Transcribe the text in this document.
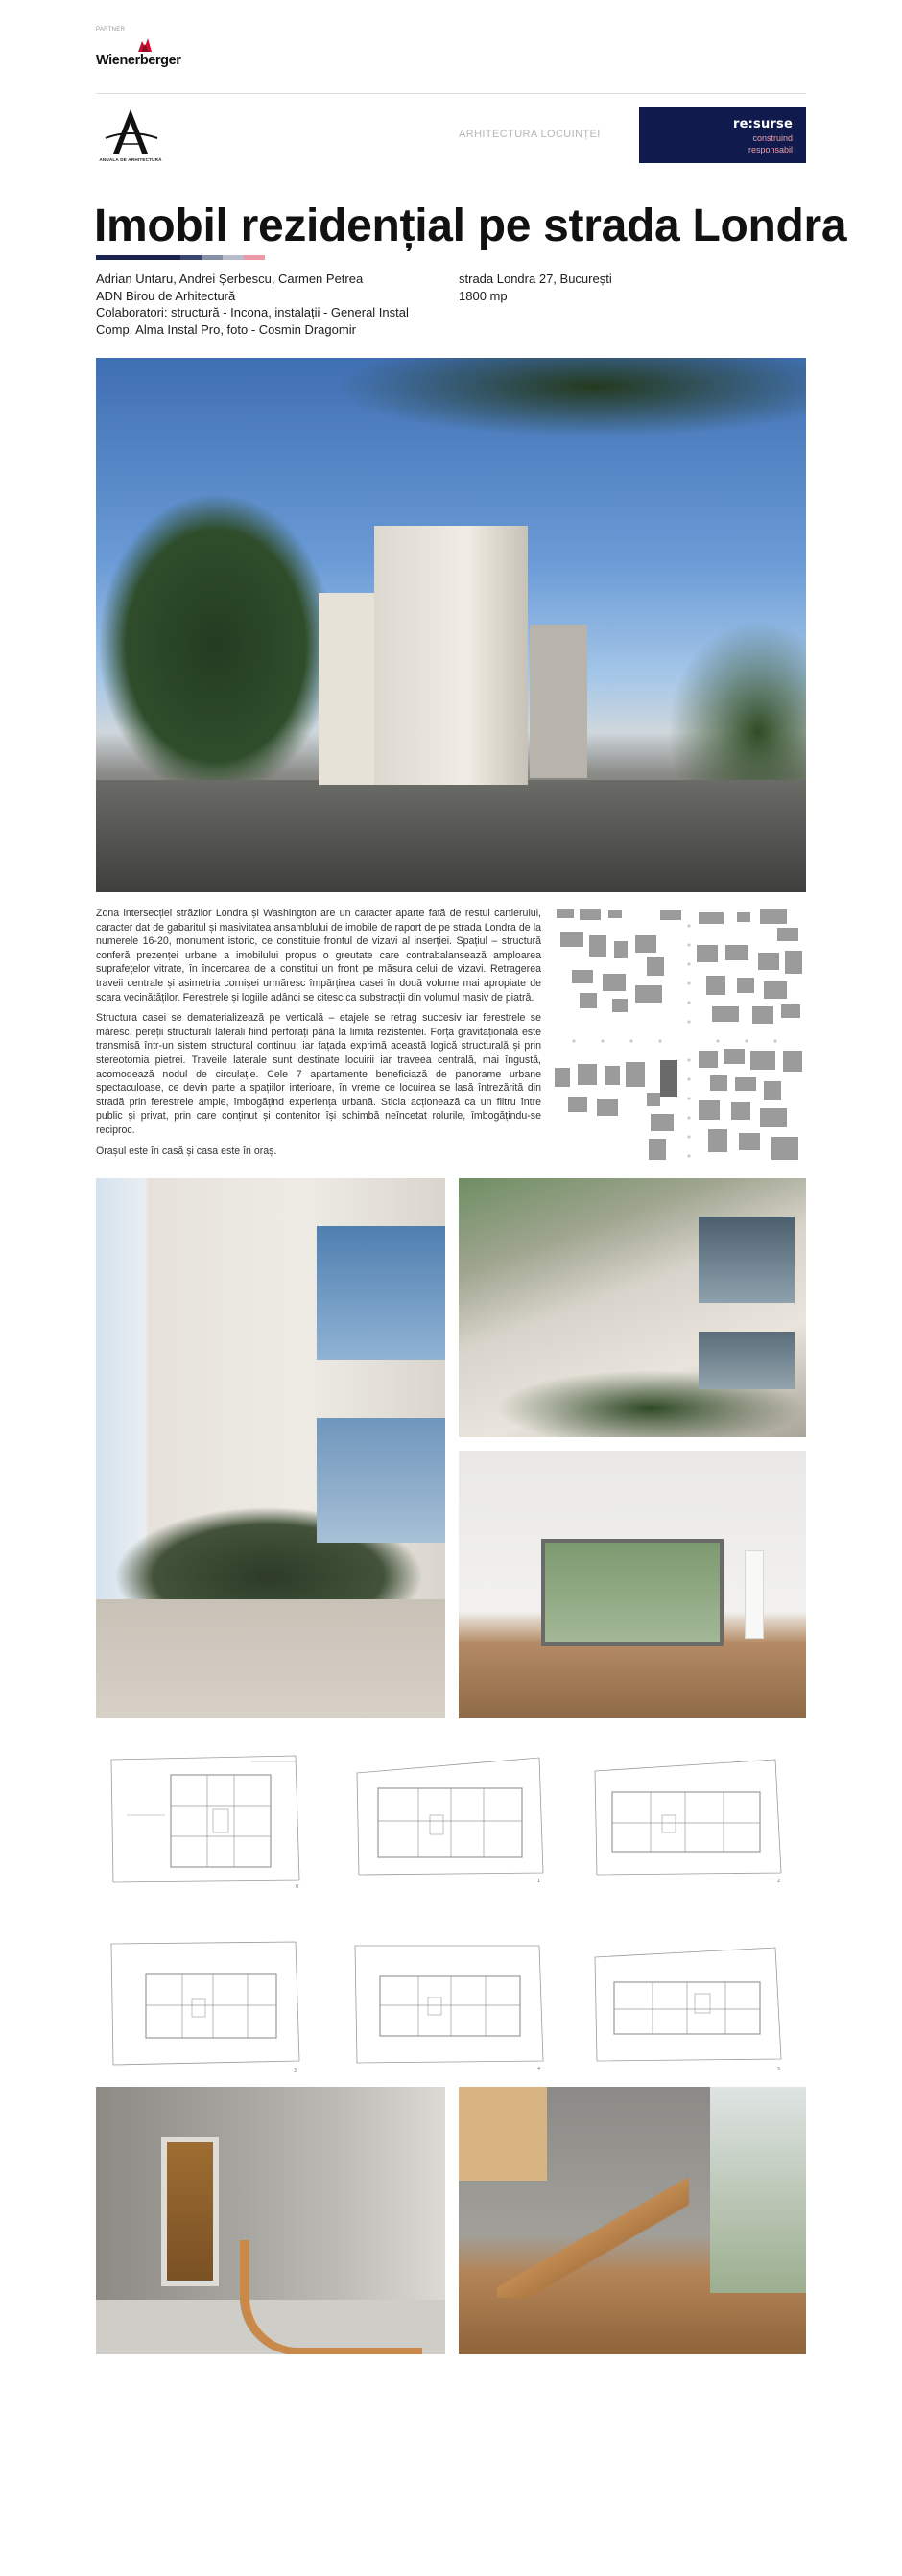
PARTNER
Wienerberger
ANUALA DE ARHITECTURĂ
ARHITECTURA LOCUINȚEI
re:surse
construind
responsabil
Imobil rezidențial pe strada Londra
Adrian Untaru, Andrei Șerbescu, Carmen Petrea
ADN Birou de Arhitectură
Colaboratori: structură - Incona, instalații - General Instal Comp, Alma Instal Pro, foto - Cosmin Dragomir
strada Londra 27, București
1800 mp

Zona intersecției străzilor Londra și Washington are un caracter aparte față de restul cartierului, caracter dat de gabaritul și masivitatea ansamblului de imobile de raport de pe strada Londra de la numerele 16-20, monument istoric, ce constituie frontul de vizavi al inserției. Spațiul – structură conferă prezenței urbane a imobilului propus o greutate care contrabalansează amploarea suprafețelor vitrate, în încercarea de a constitui un front pe măsura celui de vizavi. Retragerea traveii centrale și asimetria cornișei urmăresc împărțirea casei în două volume mai apropiate de scara vecinătăților. Ferestrele și logiile adânci se citesc ca substracții din volumul masiv de piatră.

Structura casei se dematerializează pe verticală – etajele se retrag succesiv iar ferestrele se măresc, pereții structurali laterali fiind perforați până la limita rezistenței. Forța gravitațională este transmisă într-un sistem structural continuu, iar fațada exprimă această logică structurală și prin stereotomia pietrei. Traveile laterale sunt destinate locuirii iar traveea centrală, mai îngustă, acomodează nodul de circulație. Cele 7 apartamente beneficiază de panorame urbane spectaculoase, ce devin parte a spațiilor interioare, în vreme ce locuirea se lasă întrezărită din stradă prin ferestrele ample, îmbogățind experiența urbană. Sticla acționează ca un filtru între public și privat, prin care conținut și contenitor își schimbă neîncetat rolurile, îmbogățindu-se reciproc.

Orașul este în casă și casa este în oraș.

0
1	2
3	4	5
